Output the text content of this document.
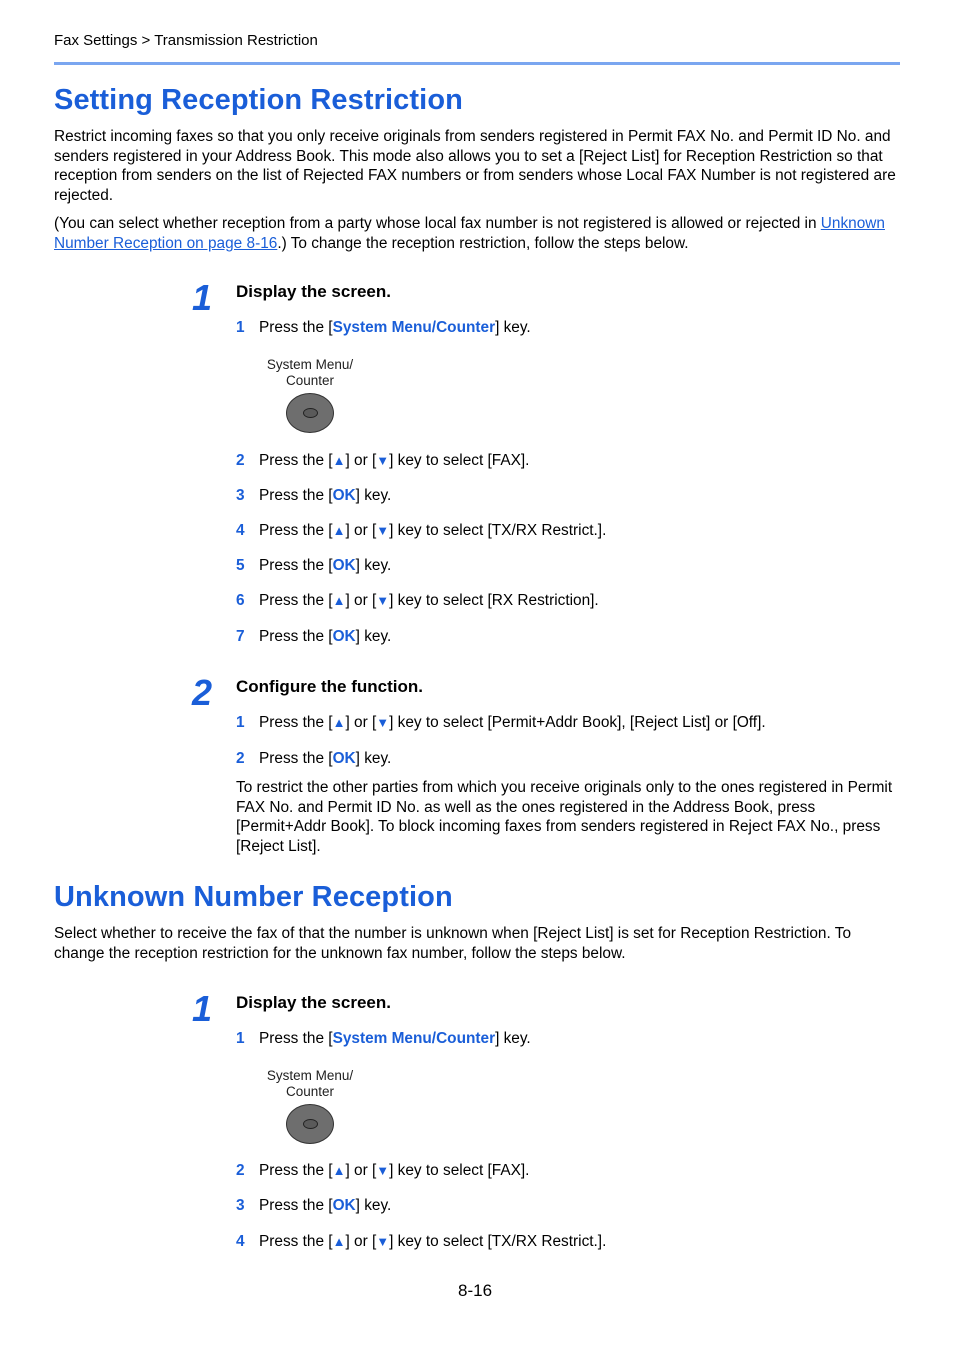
Fax Settings > Transmission Restriction
Setting Reception Restriction

Restrict incoming faxes so that you only receive originals from senders registered in Permit FAX No. and Permit ID No. and senders registered in your Address Book. This mode also allows you to set a [Reject List] for Reception Restriction so that reception from senders on the list of Rejected FAX numbers or from senders whose Local FAX Number is not registered are rejected.

(You can select whether reception from a party whose local fax number is not registered is allowed or rejected in Unknown Number Reception on page 8-16.) To change the reception restriction, follow the steps below.

1 Display the screen.
1 Press the [System Menu/Counter] key.
System Menu/
Counter
2 Press the [▲] or [▼] key to select [FAX].
3 Press the [OK] key.
4 Press the [▲] or [▼] key to select [TX/RX Restrict.].
5 Press the [OK] key.
6 Press the [▲] or [▼] key to select [RX Restriction].
7 Press the [OK] key.
2 Configure the function.
1 Press the [▲] or [▼] key to select [Permit+Addr Book], [Reject List] or [Off].
2 Press the [OK] key.

To restrict the other parties from which you receive originals only to the ones registered in Permit FAX No. and Permit ID No. as well as the ones registered in the Address Book, press [Permit+Addr Book]. To block incoming faxes from senders registered in Reject FAX No., press [Reject List].

Unknown Number Reception

Select whether to receive the fax of that the number is unknown when [Reject List] is set for Reception Restriction. To change the reception restriction for the unknown fax number, follow the steps below.

1 Display the screen.
1 Press the [System Menu/Counter] key.
System Menu/
Counter
2 Press the [▲] or [▼] key to select [FAX].
3 Press the [OK] key.
4 Press the [▲] or [▼] key to select [TX/RX Restrict.].
8-16
